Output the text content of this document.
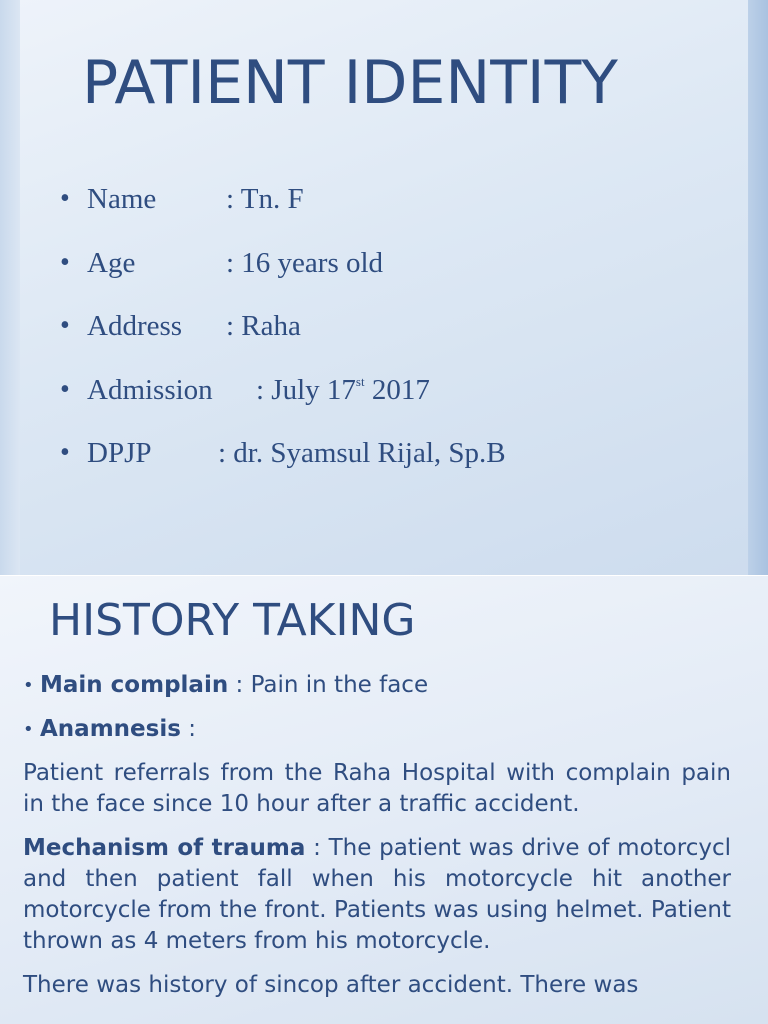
PATIENT IDENTITY
• Name : Tn. F
• Age	: 16 years old
• Address : Raha
• Admission : July 17st 2017
• DPJP : dr. Syamsul Rijal, Sp.B
HISTORY TAKING
• Main complain : Pain in the face
• Anamnesis :

Patient referrals from the Raha Hospital with complain pain in the face since 10 hour after a traffic accident.

Mechanism of trauma : The patient was drive of motorcycl and then patient fall when his motorcycle hit another motorcycle from the front. Patients was using helmet. Patient thrown as 4 meters from his motorcycle.

There was history of sincop after accident. There was
